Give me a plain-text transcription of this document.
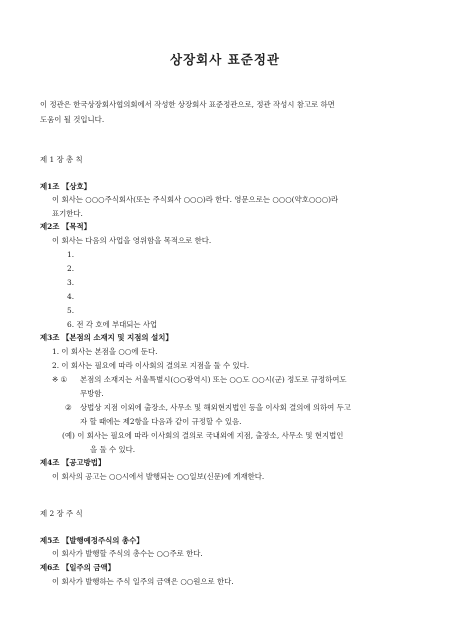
상장회사 표준정관
이 정관은 한국상장회사협의회에서 작성한 상장회사 표준정관으로, 정관 작성시 참고로 하면
도움이 될 것입니다.
제 1 장 총 칙
제1조 【상호】
이 회사는 ○○○주식회사(또는 주식회사 ○○○)라 한다. 영문으로는 ○○○(약호○○○)라
표기한다.
제2조 【목적】
이 회사는 다음의 사업을 영위함을 목적으로 한다.
1.
2.
3.
4.
5.
6. 전 각 호에 부대되는 사업
제3조 【본점의 소재지 및 지점의 설치】
1. 이 회사는 본점을 ○○에 둔다.
2. 이 회사는 필요에 따라 이사회의 결의로 지점을 둘 수 있다.
※ ① 본점의 소재지는 서울특별시(○○광역시) 또는 ○○도 ○○시(군) 정도로 규정하여도
무방함.
② 상법상 지점 이외에 출장소, 사무소 및 해외현지법인 등을 이사회 결의에 의하여 두고
자 할 때에는 제2항을 다음과 같이 규정할 수 있음.
(예) 이 회사는 필요에 따라 이사회의 결의로 국내외에 지점, 출장소, 사무소 및 현지법인
을 둘 수 있다.
제4조 【공고방법】
이 회사의 공고는 ○○시에서 발행되는 ○○일보(신문)에 게재한다.
제 2 장 주 식
제5조 【발행예정주식의 총수】
이 회사가 발행할 주식의 총수는 ○○주로 한다.
제6조 【일주의 금액】
이 회사가 발행하는 주식 일주의 금액은 ○○원으로 한다.
